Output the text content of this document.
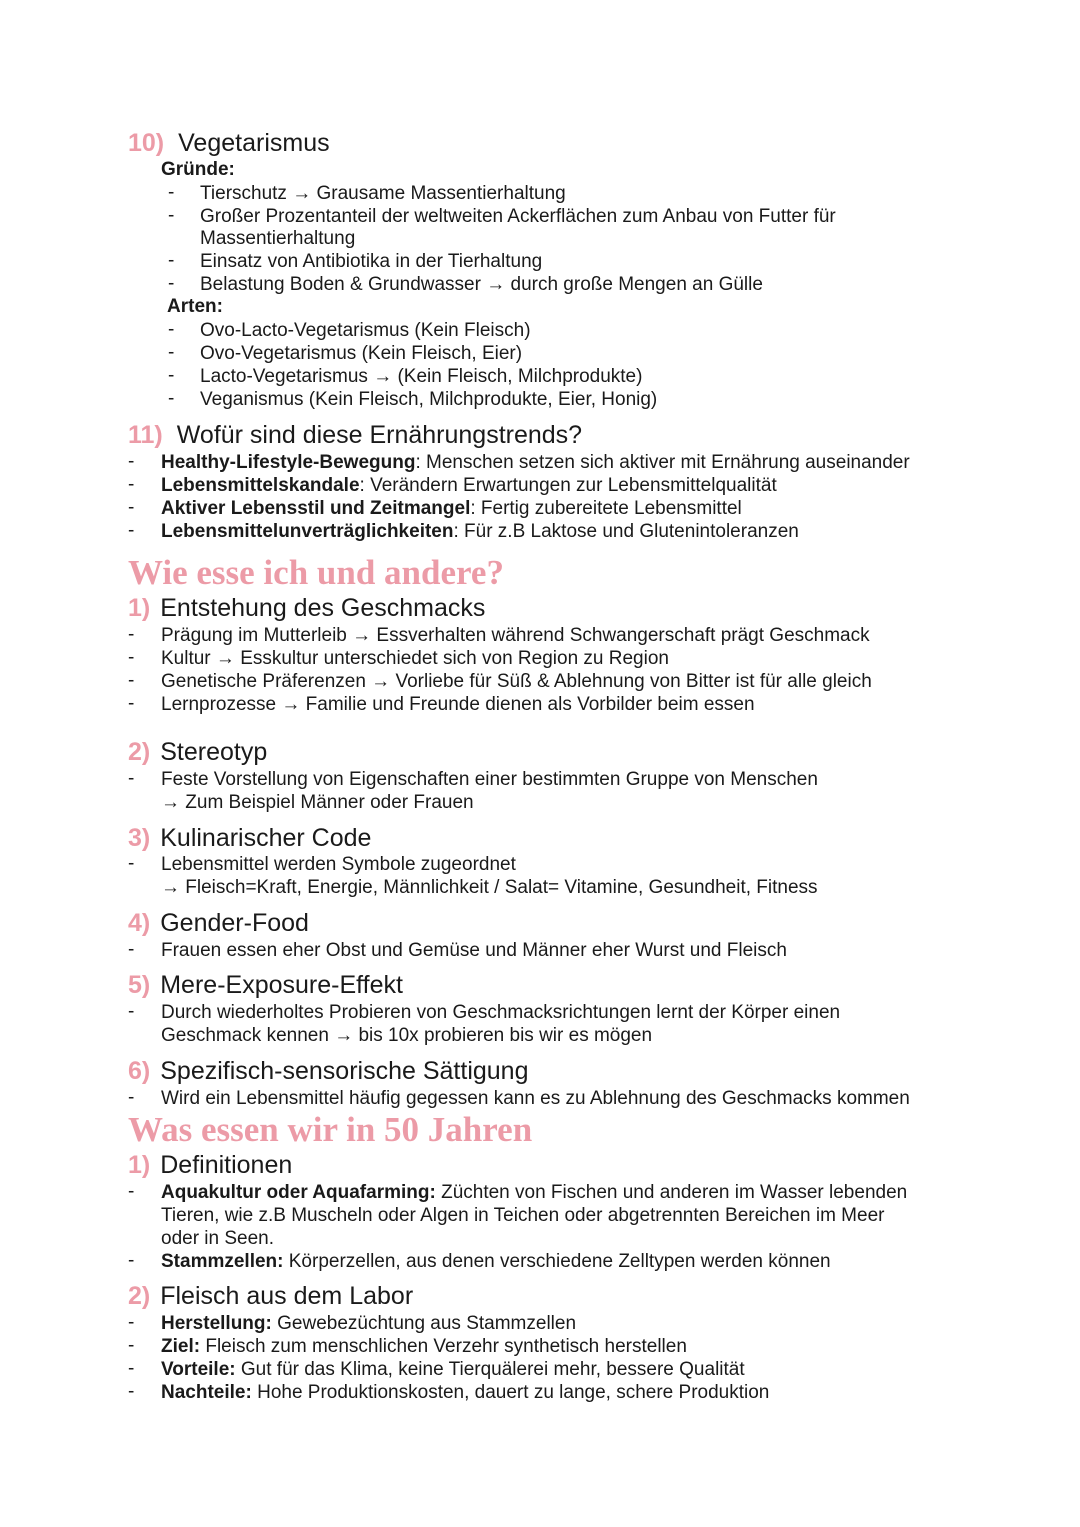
10) Vegetarismus
Gründe:
- Tierschutz → Grausame Massentierhaltung
- Großer Prozentanteil der weltweiten Ackerflächen zum Anbau von Futter für
Massentierhaltung
- Einsatz von Antibiotika in der Tierhaltung
- Belastung Boden & Grundwasser → durch große Mengen an Gülle
Arten:
- Ovo-Lacto-Vegetarismus (Kein Fleisch)
- Ovo-Vegetarismus (Kein Fleisch, Eier)
- Lacto-Vegetarismus → (Kein Fleisch, Milchprodukte)
- Veganismus (Kein Fleisch, Milchprodukte, Eier, Honig)
11) Wofür sind diese Ernährungstrends?
- Healthy-Lifestyle-Bewegung: Menschen setzen sich aktiver mit Ernährung auseinander
- Lebensmittelskandale: Verändern Erwartungen zur Lebensmittelqualität
- Aktiver Lebensstil und Zeitmangel: Fertig zubereitete Lebensmittel
- Lebensmittelunverträglichkeiten: Für z.B Laktose und Glutenintoleranzen
Wie esse ich und andere?
1) Entstehung des Geschmacks
- Prägung im Mutterleib → Essverhalten während Schwangerschaft prägt Geschmack
- Kultur → Esskultur unterschiedet sich von Region zu Region
- Genetische Präferenzen → Vorliebe für Süß & Ablehnung von Bitter ist für alle gleich
- Lernprozesse → Familie und Freunde dienen als Vorbilder beim essen
2) Stereotyp
- Feste Vorstellung von Eigenschaften einer bestimmten Gruppe von Menschen
→ Zum Beispiel Männer oder Frauen
3) Kulinarischer Code
- Lebensmittel werden Symbole zugeordnet
→ Fleisch=Kraft, Energie, Männlichkeit / Salat= Vitamine, Gesundheit, Fitness
4) Gender-Food
- Frauen essen eher Obst und Gemüse und Männer eher Wurst und Fleisch
5) Mere-Exposure-Effekt
- Durch wiederholtes Probieren von Geschmacksrichtungen lernt der Körper einen
Geschmack kennen → bis 10x probieren bis wir es mögen
6) Spezifisch-sensorische Sättigung
- Wird ein Lebensmittel häufig gegessen kann es zu Ablehnung des Geschmacks kommen
Was essen wir in 50 Jahren
1) Definitionen
- Aquakultur oder Aquafarming: Züchten von Fischen und anderen im Wasser lebenden
Tieren, wie z.B Muscheln oder Algen in Teichen oder abgetrennten Bereichen im Meer
oder in Seen.
- Stammzellen: Körperzellen, aus denen verschiedene Zelltypen werden können
2) Fleisch aus dem Labor
- Herstellung: Gewebezüchtung aus Stammzellen
- Ziel: Fleisch zum menschlichen Verzehr synthetisch herstellen
- Vorteile: Gut für das Klima, keine Tierquälerei mehr, bessere Qualität
- Nachteile: Hohe Produktionskosten, dauert zu lange, schere Produktion
